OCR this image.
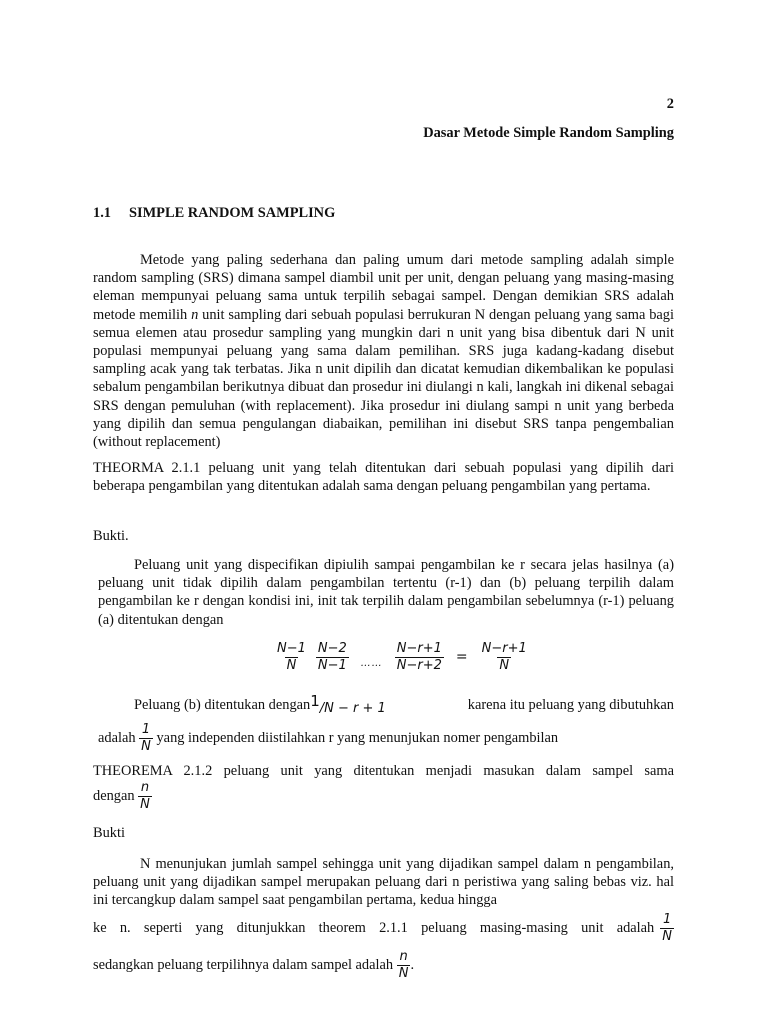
2
Dasar Metode Simple Random Sampling
1.1 SIMPLE RANDOM SAMPLING
Metode yang paling sederhana dan paling umum dari metode sampling adalah simple random sampling (SRS) dimana sampel diambil unit per unit, dengan peluang yang masing-masing eleman mempunyai peluang sama untuk terpilih sebagai sampel. Dengan demikian SRS adalah metode memilih n unit sampling dari sebuah populasi berrukuran N dengan peluang yang sama bagi semua elemen atau prosedur sampling yang mungkin dari n unit yang bisa dibentuk dari N unit populasi mempunyai peluang yang sama dalam pemilihan. SRS juga kadang-kadang disebut sampling acak yang tak terbatas. Jika n unit dipilih dan dicatat kemudian dikembalikan ke populasi sebalum pengambilan berikutnya dibuat dan prosedur ini diulangi n kali, langkah ini dikenal sebagai SRS dengan pemuluhan (with replacement). Jika prosedur ini diulang sampi n unit yang berbeda yang dipilih dan semua pengulangan diabaikan, pemilihan ini disebut SRS tanpa pengembalian (without replacement)
THEORMA 2.1.1 peluang unit yang telah ditentukan dari sebuah populasi yang dipilih dari beberapa pengambilan yang ditentukan adalah sama dengan peluang pengambilan yang pertama.
Bukti.
Peluang unit yang dispecifikan dipiulih sampai pengambilan ke r secara jelas hasilnya (a) peluang unit tidak dipilih dalam pengambilan tertentu (r-1) dan (b) peluang terpilih dalam pengambilan ke r dengan kondisi ini, init tak terpilih dalam pengambilan sebelumnya (r-1) peluang (a) ditentukan dengan
$\frac{N-1}{N} \frac{N-2}{N-1}$	…… $\frac{N-r+1}{N-r+2} = \frac{N-r+1}{N}$
Peluang (b) ditentukan dengan 1/N − r + 1	karena itu peluang yang dibutuhkan
adalah $\frac{1}{N}$ yang independen diistilahkan r yang menunjukan nomer pengambilan
THEOREMA 2.1.2 peluang unit yang ditentukan menjadi masukan dalam sampel sama
dengan $\frac{n}{N}$
Bukti
N menunjukan jumlah sampel sehingga unit yang dijadikan sampel dalam n pengambilan, peluang unit yang dijadikan sampel merupakan peluang dari n peristiwa yang saling bebas viz. hal ini tercangkup dalam sampel saat pengambilan pertama, kedua hingga
ke n. seperti yang ditunjukkan theorem 2.1.1 peluang masing-masing unit adalah $\frac{1}{N}$
sedangkan peluang terpilihnya dalam sampel adalah $\frac{n}{N}$ .
